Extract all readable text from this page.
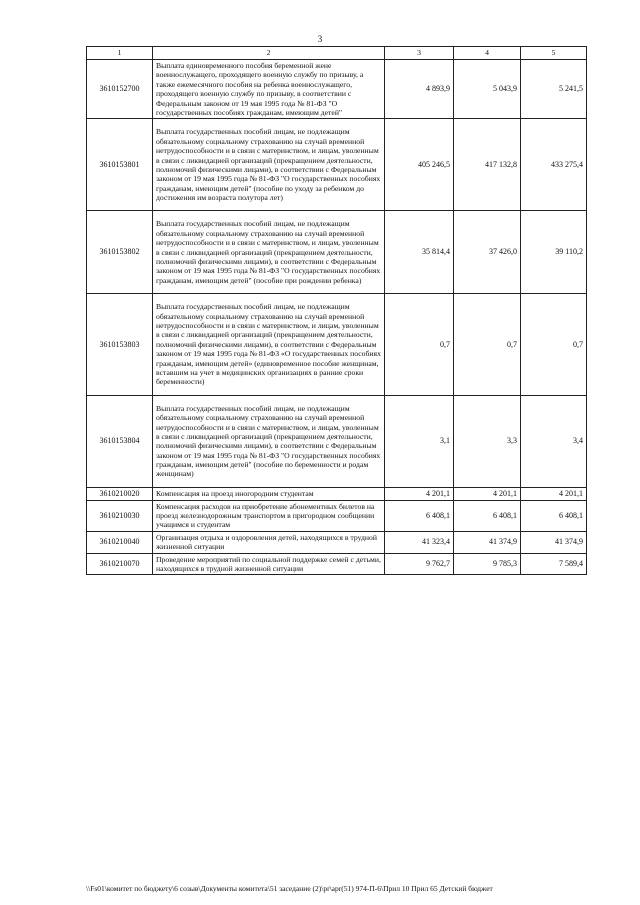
3
1	2	3	4	5
3610152700	Выплата единовременного пособия беременной жене военнослужащего, проходящего военную службу по призыву, а также ежемесячного пособия на ребенка военнослужащего, проходящего военную службу по призыву, в соответствии с Федеральным законом от 19 мая 1995 года № 81-ФЗ "О государственных пособиях гражданам, имеющим детей"	4 893,9	5 043,9	5 241,5
3610153801	Выплата государственных пособий лицам, не подлежащим обязательному социальному страхованию на случай временной нетрудоспособности и в связи с материнством, и лицам, уволенным в связи с ликвидацией организаций (прекращением деятельности, полномочий физическими лицами), в соответствии с Федеральным законом от 19 мая 1995 года № 81-ФЗ "О государственных пособиях гражданам, имеющим детей" (пособие по уходу за ребенком до достижения им возраста полутора лет)	405 246,5	417 132,8	433 275,4
3610153802	Выплата государственных пособий лицам, не подлежащим обязательному социальному страхованию на случай временной нетрудоспособности и в связи с материнством, и лицам, уволенным в связи с ликвидацией организаций (прекращением деятельности, полномочий физическими лицами), в соответствии с Федеральным законом от 19 мая 1995 года № 81-ФЗ "О государственных пособиях гражданам, имеющим детей" (пособие при рождении ребенка)	35 814,4	37 426,0	39 110,2
3610153803	Выплата государственных пособий лицам, не подлежащим обязательному социальному страхованию на случай временной нетрудоспособности и в связи с материнством, и лицам, уволенным в связи с ликвидацией организаций (прекращением деятельности, полномочий физическими лицами), в соответствии с Федеральным законом от 19 мая 1995 года № 81-ФЗ «О государственных пособиях гражданам, имеющим детей» (единовременное пособие женщинам, вставшим на учет в медицинских организациях в ранние сроки беременности)	0,7	0,7	0,7
3610153804	Выплата государственных пособий лицам, не подлежащим обязательному социальному страхованию на случай временной нетрудоспособности и в связи с материнством, и лицам, уволенным в связи с ликвидацией организаций (прекращением деятельности, полномочий физическими лицами), в соответствии с Федеральным законом от 19 мая 1995 года № 81-ФЗ "О государственных пособиях гражданам, имеющим детей" (пособие по беременности и родам женщинам)	3,1	3,3	3,4
3610210020	Компенсация на проезд иногородним студентам	4 201,1	4 201,1	4 201,1
3610210030	Компенсация расходов на приобретение абонементных билетов на проезд железнодорожным транспортом в пригородном сообщении учащимся и студентам	6 408,1	6 408,1	6 408,1
3610210040	Организация отдыха и оздоровления детей, находящихся в трудной жизненной ситуации	41 323,4	41 374,9	41 374,9
3610210070	Проведение мероприятий по социальной поддержке семей с детьми, находящихся в трудной жизненной ситуации	9 762,7	9 785,3	7 589,4
\\Fs01\комитет по бюджету\6 созыв\Документы комитета\51 заседание (2)\pr\apr(51) 974-П-6\Прил 10 Прил 65 Детский бюджет
